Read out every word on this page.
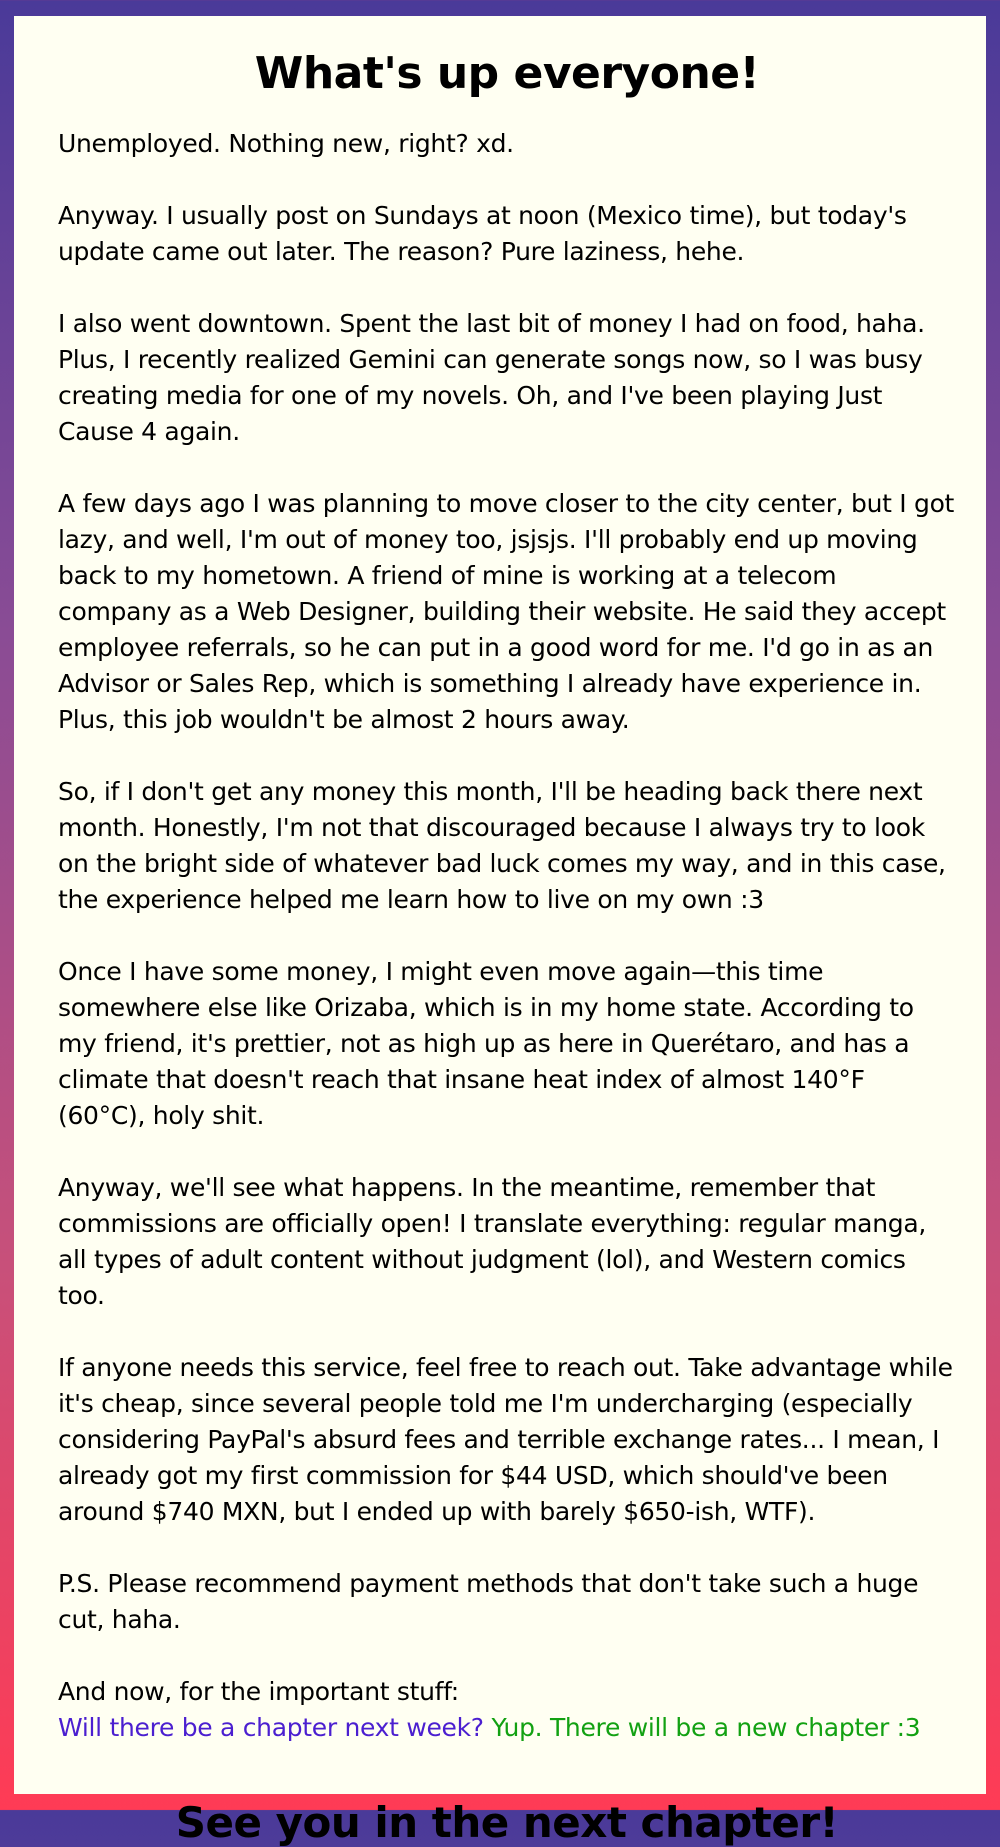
What's up everyone!

Unemployed. Nothing new, right? xd.

Anyway. I usually post on Sundays at noon (Mexico time), but today's update came out later. The reason? Pure laziness, hehe.

I also went downtown. Spent the last bit of money I had on food, haha. Plus, I recently realized Gemini can generate songs now, so I was busy creating media for one of my novels. Oh, and I've been playing Just Cause 4 again.

A few days ago I was planning to move closer to the city center, but I got lazy, and well, I'm out of money too, jsjsjs. I'll probably end up moving back to my hometown. A friend of mine is working at a telecom company as a Web Designer, building their website. He said they accept employee referrals, so he can put in a good word for me. I'd go in as an Advisor or Sales Rep, which is something I already have experience in. Plus, this job wouldn't be almost 2 hours away.

So, if I don't get any money this month, I'll be heading back there next month. Honestly, I'm not that discouraged because I always try to look on the bright side of whatever bad luck comes my way, and in this case, the experience helped me learn how to live on my own :3

Once I have some money, I might even move again—this time somewhere else like Orizaba, which is in my home state. According to my friend, it's prettier, not as high up as here in Querétaro, and has a climate that doesn't reach that insane heat index of almost 140°F (60°C), holy shit.

Anyway, we'll see what happens. In the meantime, remember that commissions are officially open! I translate everything: regular manga, all types of adult content without judgment (lol), and Western comics too.

If anyone needs this service, feel free to reach out. Take advantage while it's cheap, since several people told me I'm undercharging (especially considering PayPal's absurd fees and terrible exchange rates... I mean, I already got my first commission for $44 USD, which should've been around $740 MXN, but I ended up with barely $650-ish, WTF).

P.S. Please recommend payment methods that don't take such a huge cut, haha.

And now, for the important stuff:

Will there be a chapter next week? Yup. There will be a new chapter :3

See you in the next chapter!
